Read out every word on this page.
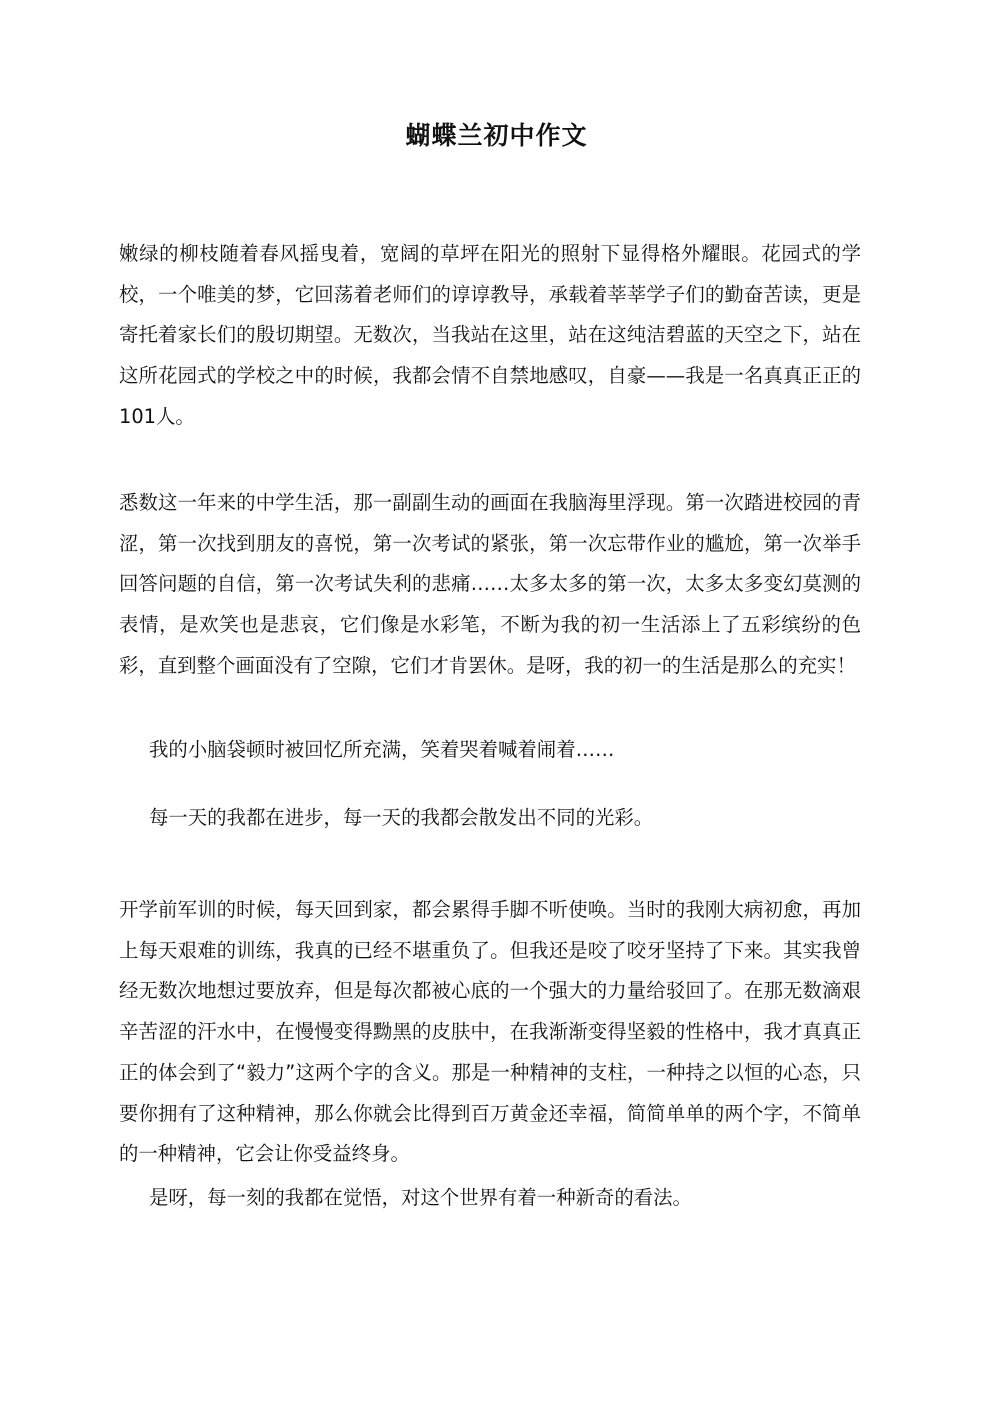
蝴蝶兰初中作文

嫩绿的柳枝随着春风摇曳着，宽阔的草坪在阳光的照射下显得格外耀眼。花园式的学校，一个唯美的梦，它回荡着老师们的谆谆教导，承载着莘莘学子们的勤奋苦读，更是寄托着家长们的殷切期望。无数次，当我站在这里，站在这纯洁碧蓝的天空之下，站在这所花园式的学校之中的时候，我都会情不自禁地感叹，自豪——我是一名真真正正的101人。

悉数这一年来的中学生活，那一副副生动的画面在我脑海里浮现。第一次踏进校园的青涩，第一次找到朋友的喜悦，第一次考试的紧张，第一次忘带作业的尴尬，第一次举手回答问题的自信，第一次考试失利的悲痛……太多太多的第一次，太多太多变幻莫测的表情，是欢笑也是悲哀，它们像是水彩笔，不断为我的初一生活添上了五彩缤纷的色彩，直到整个画面没有了空隙，它们才肯罢休。是呀，我的初一的生活是那么的充实！

我的小脑袋顿时被回忆所充满，笑着哭着喊着闹着……

每一天的我都在进步，每一天的我都会散发出不同的光彩。

开学前军训的时候，每天回到家，都会累得手脚不听使唤。当时的我刚大病初愈，再加上每天艰难的训练，我真的已经不堪重负了。但我还是咬了咬牙坚持了下来。其实我曾经无数次地想过要放弃，但是每次都被心底的一个强大的力量给驳回了。在那无数滴艰辛苦涩的汗水中，在慢慢变得黝黑的皮肤中，在我渐渐变得坚毅的性格中，我才真真正正的体会到了“毅力”这两个字的含义。那是一种精神的支柱，一种持之以恒的心态，只要你拥有了这种精神，那么你就会比得到百万黄金还幸福，简简单单的两个字，不简单的一种精神，它会让你受益终身。

是呀，每一刻的我都在觉悟，对这个世界有着一种新奇的看法。
